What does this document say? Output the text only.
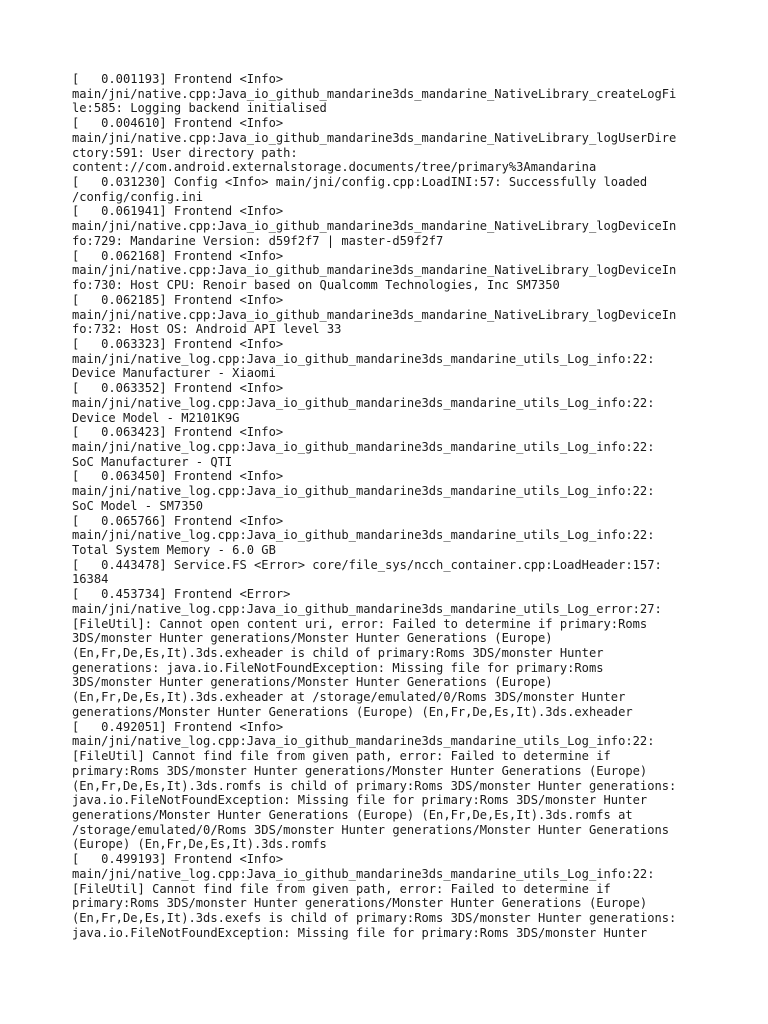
[   0.001193] Frontend <Info>
main/jni/native.cpp:Java_io_github_mandarine3ds_mandarine_NativeLibrary_createLogFi
le:585: Logging backend initialised
[   0.004610] Frontend <Info>
main/jni/native.cpp:Java_io_github_mandarine3ds_mandarine_NativeLibrary_logUserDire
ctory:591: User directory path:
content://com.android.externalstorage.documents/tree/primary%3Amandarina
[   0.031230] Config <Info> main/jni/config.cpp:LoadINI:57: Successfully loaded
/config/config.ini
[   0.061941] Frontend <Info>
main/jni/native.cpp:Java_io_github_mandarine3ds_mandarine_NativeLibrary_logDeviceIn
fo:729: Mandarine Version: d59f2f7 | master-d59f2f7
[   0.062168] Frontend <Info>
main/jni/native.cpp:Java_io_github_mandarine3ds_mandarine_NativeLibrary_logDeviceIn
fo:730: Host CPU: Renoir based on Qualcomm Technologies, Inc SM7350
[   0.062185] Frontend <Info>
main/jni/native.cpp:Java_io_github_mandarine3ds_mandarine_NativeLibrary_logDeviceIn
fo:732: Host OS: Android API level 33
[   0.063323] Frontend <Info>
main/jni/native_log.cpp:Java_io_github_mandarine3ds_mandarine_utils_Log_info:22:
Device Manufacturer - Xiaomi
[   0.063352] Frontend <Info>
main/jni/native_log.cpp:Java_io_github_mandarine3ds_mandarine_utils_Log_info:22:
Device Model - M2101K9G
[   0.063423] Frontend <Info>
main/jni/native_log.cpp:Java_io_github_mandarine3ds_mandarine_utils_Log_info:22:
SoC Manufacturer - QTI
[   0.063450] Frontend <Info>
main/jni/native_log.cpp:Java_io_github_mandarine3ds_mandarine_utils_Log_info:22:
SoC Model - SM7350
[   0.065766] Frontend <Info>
main/jni/native_log.cpp:Java_io_github_mandarine3ds_mandarine_utils_Log_info:22:
Total System Memory - 6.0 GB
[   0.443478] Service.FS <Error> core/file_sys/ncch_container.cpp:LoadHeader:157:
16384
[   0.453734] Frontend <Error>
main/jni/native_log.cpp:Java_io_github_mandarine3ds_mandarine_utils_Log_error:27:
[FileUtil]: Cannot open content uri, error: Failed to determine if primary:Roms
3DS/monster Hunter generations/Monster Hunter Generations (Europe)
(En,Fr,De,Es,It).3ds.exheader is child of primary:Roms 3DS/monster Hunter
generations: java.io.FileNotFoundException: Missing file for primary:Roms
3DS/monster Hunter generations/Monster Hunter Generations (Europe)
(En,Fr,De,Es,It).3ds.exheader at /storage/emulated/0/Roms 3DS/monster Hunter
generations/Monster Hunter Generations (Europe) (En,Fr,De,Es,It).3ds.exheader
[   0.492051] Frontend <Info>
main/jni/native_log.cpp:Java_io_github_mandarine3ds_mandarine_utils_Log_info:22:
[FileUtil] Cannot find file from given path, error: Failed to determine if
primary:Roms 3DS/monster Hunter generations/Monster Hunter Generations (Europe)
(En,Fr,De,Es,It).3ds.romfs is child of primary:Roms 3DS/monster Hunter generations:
java.io.FileNotFoundException: Missing file for primary:Roms 3DS/monster Hunter
generations/Monster Hunter Generations (Europe) (En,Fr,De,Es,It).3ds.romfs at
/storage/emulated/0/Roms 3DS/monster Hunter generations/Monster Hunter Generations
(Europe) (En,Fr,De,Es,It).3ds.romfs
[   0.499193] Frontend <Info>
main/jni/native_log.cpp:Java_io_github_mandarine3ds_mandarine_utils_Log_info:22:
[FileUtil] Cannot find file from given path, error: Failed to determine if
primary:Roms 3DS/monster Hunter generations/Monster Hunter Generations (Europe)
(En,Fr,De,Es,It).3ds.exefs is child of primary:Roms 3DS/monster Hunter generations:
java.io.FileNotFoundException: Missing file for primary:Roms 3DS/monster Hunter
